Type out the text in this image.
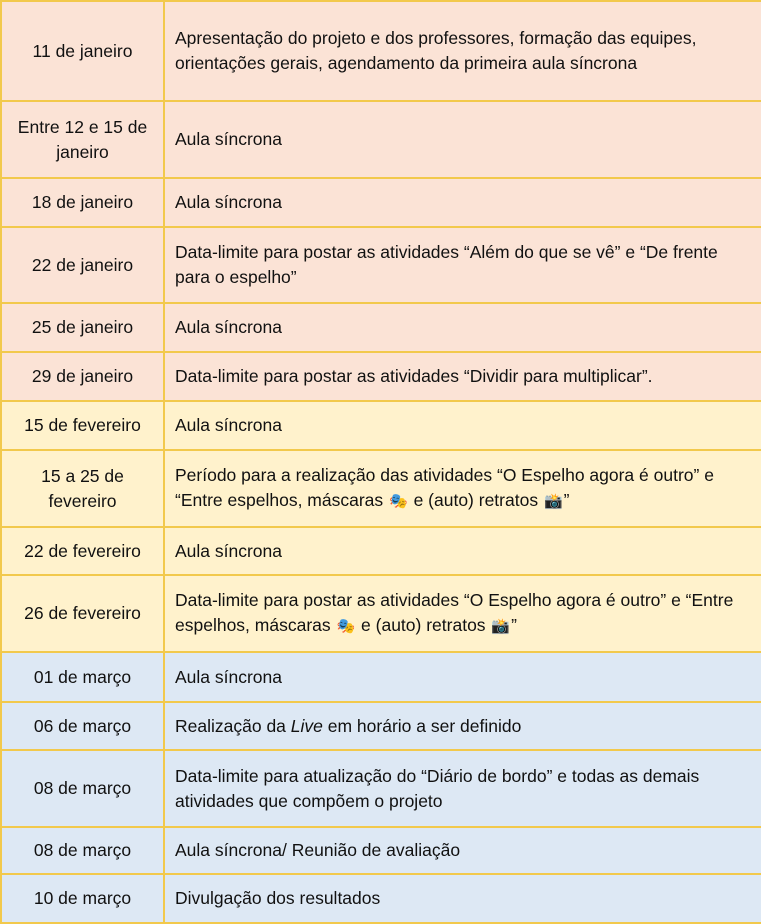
11 de janeiro	Apresentação do projeto e dos professores, formação das equipes, orientações gerais, agendamento da primeira aula síncrona
Entre 12 e 15 de janeiro	Aula síncrona
18 de janeiro	Aula síncrona
22 de janeiro	Data-limite para postar as atividades “Além do que se vê” e “De frente para o espelho”
25 de janeiro	Aula síncrona
29 de janeiro	Data-limite para postar as atividades “Dividir para multiplicar”.
15 de fevereiro	Aula síncrona
15 a 25 de fevereiro	Período para a realização das atividades “O Espelho agora é outro” e “Entre espelhos, máscaras 🎭 e (auto) retratos 📸”
22 de fevereiro	Aula síncrona
26 de fevereiro	Data-limite para postar as atividades “O Espelho agora é outro” e “Entre espelhos, máscaras 🎭 e (auto) retratos 📸”
01 de março	Aula síncrona
06 de março	Realização da Live em horário a ser definido
08 de março	Data-limite para atualização do “Diário de bordo” e todas as demais atividades que compõem o projeto
08 de março	Aula síncrona/ Reunião de avaliação
10 de março	Divulgação dos resultados
